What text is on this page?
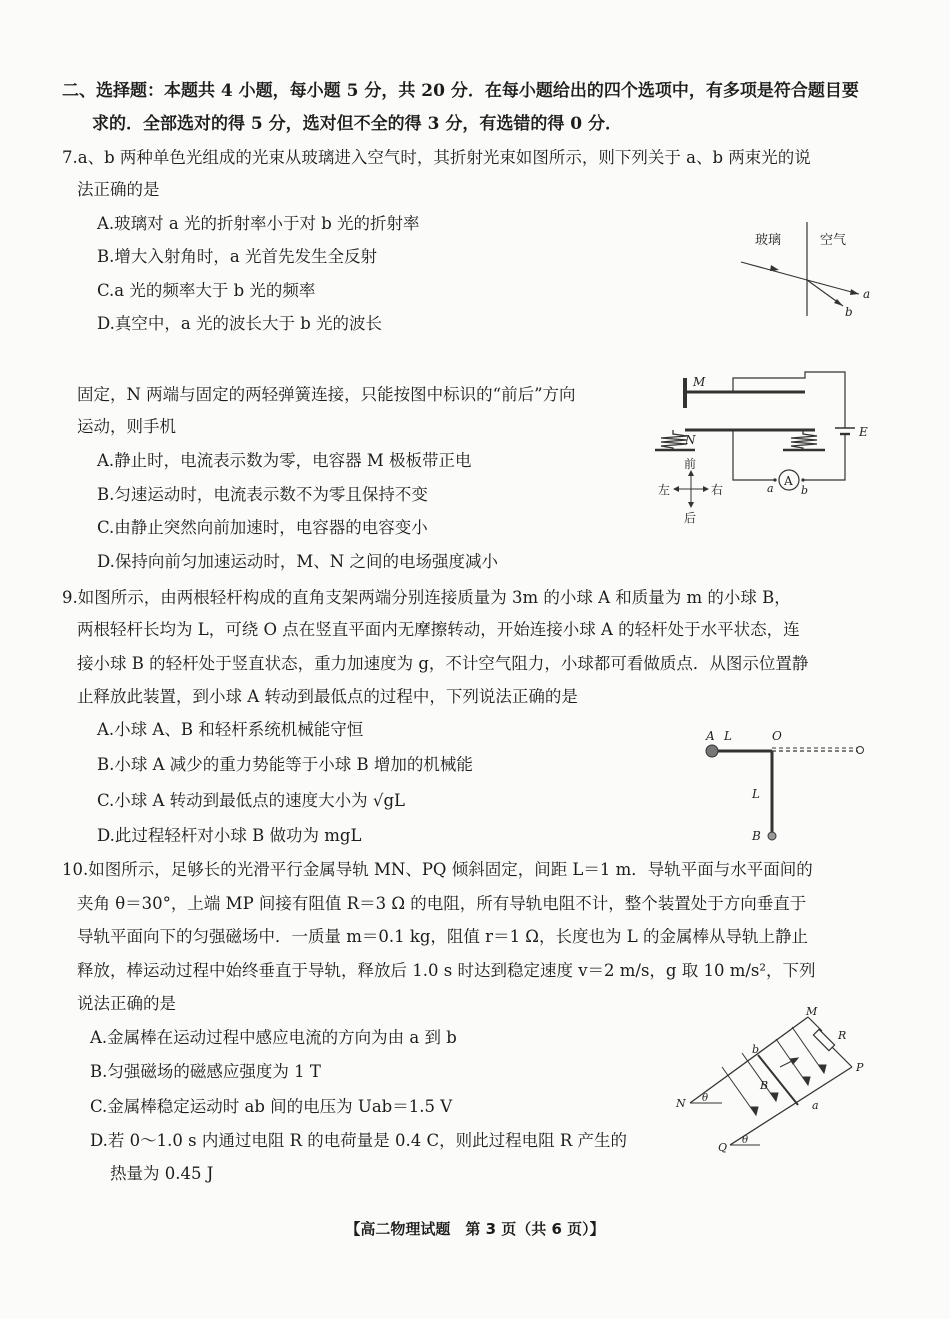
二、选择题：本题共 4 小题，每小题 5 分，共 20 分．在每小题给出的四个选项中，有多项是符合题目要
求的．全部选对的得 5 分，选对但不全的得 3 分，有选错的得 0 分．
7.a、b 两种单色光组成的光束从玻璃进入空气时，其折射光束如图所示，则下列关于 a、b 两束光的说
法正确的是
A.玻璃对 a 光的折射率小于对 b 光的折射率
B.增大入射角时，a 光首先发生全反射
C.a 光的频率大于 b 光的频率
D.真空中，a 光的波长大于 b 光的波长
玻璃	空气
a
b
固定，N 两端与固定的两轻弹簧连接，只能按图中标识的“前后”方向
运动，则手机
A.静止时，电流表示数为零，电容器 M 极板带正电
B.匀速运动时，电流表示数不为零且保持不变
C.由静止突然向前加速时，电容器的电容变小
D.保持向前匀加速运动时，M、N 之间的电场强度减小
M
E
N
A
a b
前
后
左	右
9.如图所示，由两根轻杆构成的直角支架两端分别连接质量为 3m 的小球 A 和质量为 m 的小球 B，
两根轻杆长均为 L，可绕 O 点在竖直平面内无摩擦转动，开始连接小球 A 的轻杆处于水平状态，连
接小球 B 的轻杆处于竖直状态，重力加速度为 g，不计空气阻力，小球都可看做质点．从图示位置静
止释放此装置，到小球 A 转动到最低点的过程中，下列说法正确的是
A.小球 A、B 和轻杆系统机械能守恒
B.小球 A 减少的重力势能等于小球 B 增加的机械能
C.小球 A 转动到最低点的速度大小为 √gL
D.此过程轻杆对小球 B 做功为 mgL
A L	O
L
B
10.如图所示，足够长的光滑平行金属导轨 MN、PQ 倾斜固定，间距 L＝1 m．导轨平面与水平面间的
夹角 θ＝30°，上端 MP 间接有阻值 R＝3 Ω 的电阻，所有导轨电阻不计，整个装置处于方向垂直于
导轨平面向下的匀强磁场中．一质量 m＝0.1 kg，阻值 r＝1 Ω，长度也为 L 的金属棒从导轨上静止
释放，棒运动过程中始终垂直于导轨，释放后 1.0 s 时达到稳定速度 v＝2 m/s，g 取 10 m/s²，下列
说法正确的是
A.金属棒在运动过程中感应电流的方向为由 a 到 b
B.匀强磁场的磁感应强度为 1 T
C.金属棒稳定运动时 ab 间的电压为 Uab＝1.5 V
D.若 0～1.0 s 内通过电阻 R 的电荷量是 0.4 C，则此过程电阻 R 产生的
热量为 0.45 J
M
R
P
b
B
a
N
Q
θ
θ
【高二物理试题　第 3 页（共 6 页）】
